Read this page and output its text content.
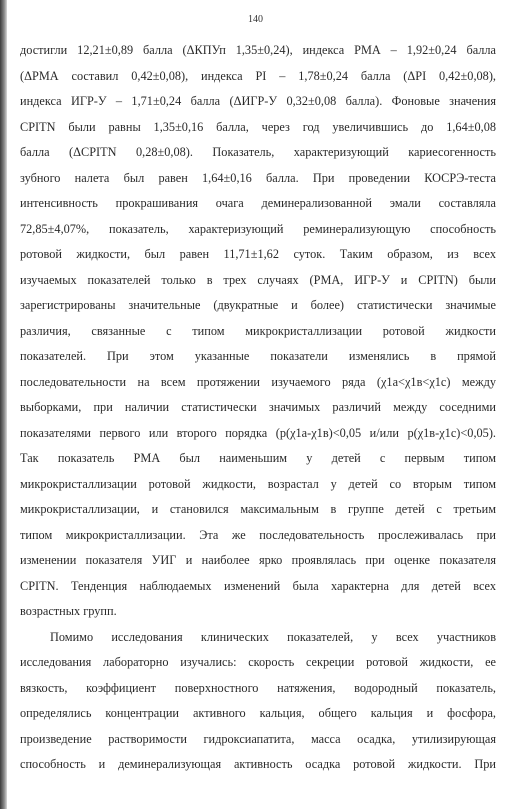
140
достигли 12,21±0,89 балла (ΔКПУп 1,35±0,24), индекса РМА – 1,92±0,24 балла
(ΔРМА составил 0,42±0,08), индекса PI – 1,78±0,24 балла (ΔPI 0,42±0,08),
индекса ИГР-У – 1,71±0,24 балла (ΔИГР-У 0,32±0,08 балла). Фоновые значения
CPITN были равны 1,35±0,16 балла, через год увеличившись до 1,64±0,08
балла (ΔCPITN 0,28±0,08). Показатель, характеризующий кариесогенность
зубного налета был равен 1,64±0,16 балла. При проведении КОСРЭ-теста
интенсивность прокрашивания очага деминерализованной эмали составляла
72,85±4,07%, показатель, характеризующий реминерализующую способность
ротовой жидкости, был равен 11,71±1,62 суток. Таким образом, из всех
изучаемых показателей только в трех случаях (РМА, ИГР-У и CPITN) были
зарегистрированы значительные (двукратные и более) статистически значимые
различия, связанные с типом микрокристаллизации ротовой жидкости
показателей. При этом указанные показатели изменялись в прямой
последовательности на всем протяжении изучаемого ряда (χ1а<χ1в<χ1с) между
выборками, при наличии статистически значимых различий между соседними
показателями первого или второго порядка (p(χ1а-χ1в)<0,05 и/или p(χ1в-χ1с)<0,05).
Так показатель РМА был наименьшим у детей с первым типом
микрокристаллизации ротовой жидкости, возрастал у детей со вторым типом
микрокристаллизации, и становился максимальным в группе детей с третьим
типом микрокристаллизации. Эта же последовательность прослеживалась при
изменении показателя УИГ и наиболее ярко проявлялась при оценке показателя
CPITN. Тенденция наблюдаемых изменений была характерна для детей всех
возрастных групп.
Помимо исследования клинических показателей, у всех участников
исследования лабораторно изучались: скорость секреции ротовой жидкости, ее
вязкость, коэффициент поверхностного натяжения, водородный показатель,
определялись концентрации активного кальция, общего кальция и фосфора,
произведение растворимости гидроксиапатита, масса осадка, утилизирующая
способность и деминерализующая активность осадка ротовой жидкости. При
